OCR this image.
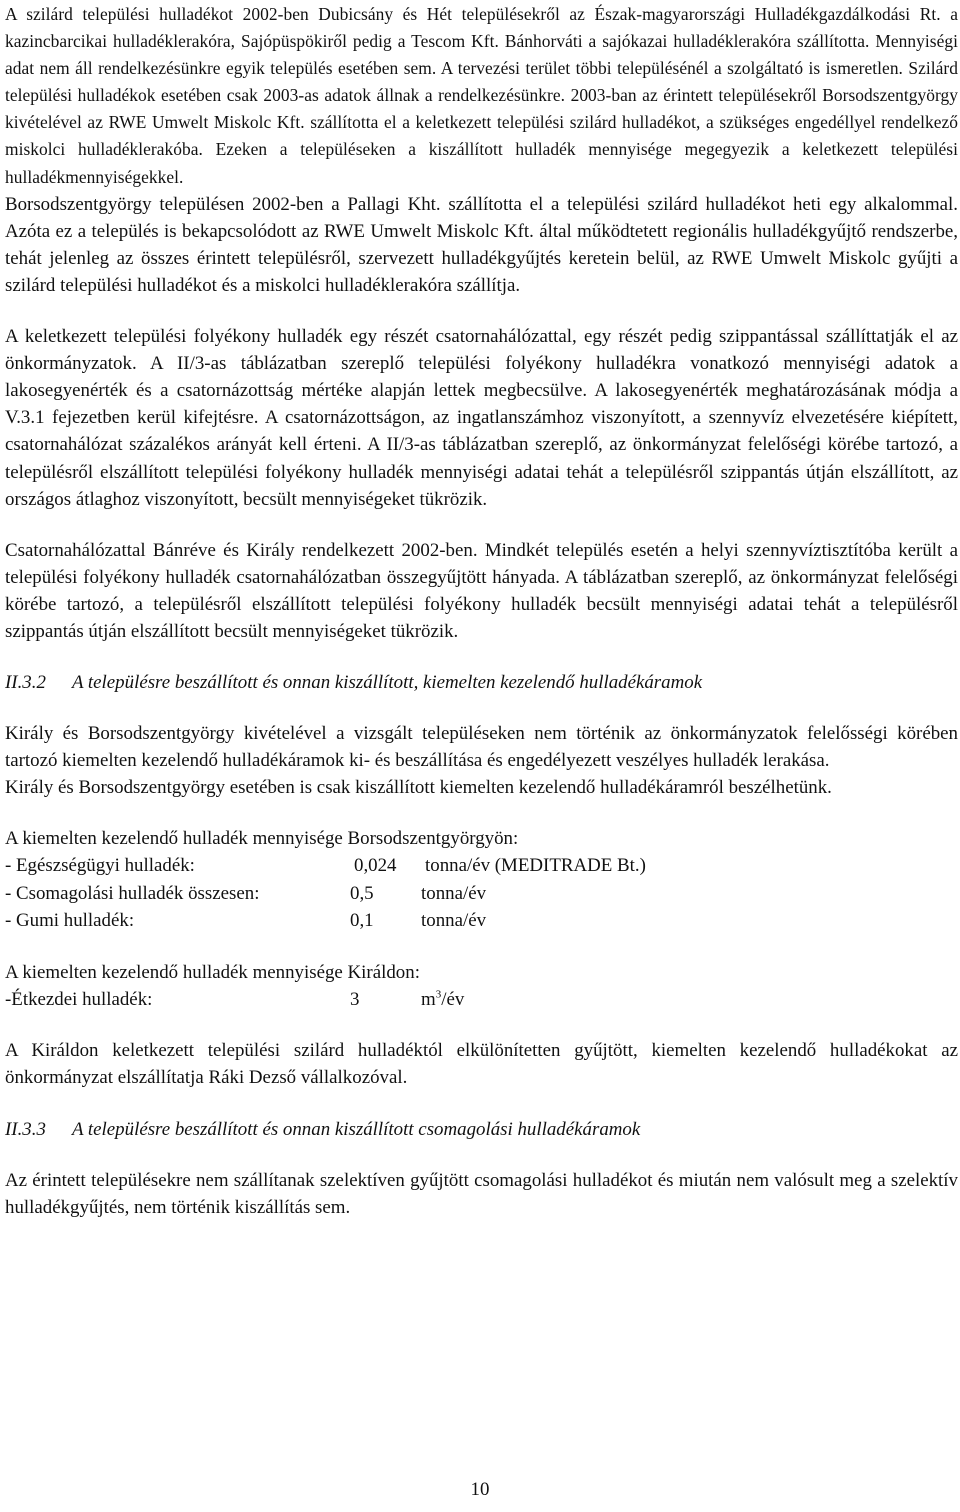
A szilárd települési hulladékot 2002-ben Dubicsány és Hét településekről az Észak-magyarországi Hulladékgazdálkodási Rt. a kazincbarcikai hulladéklerakóra, Sajópüspökiről pedig a Tescom Kft. Bánhorváti a sajókazai hulladéklerakóra szállította. Mennyiségi adat nem áll rendelkezésünkre egyik település esetében sem. A tervezési terület többi településénél a szolgáltató is ismeretlen. Szilárd települési hulladékok esetében csak 2003-as adatok állnak a rendelkezésünkre. 2003-ban az érintett településekről Borsodszentgyörgy kivételével az RWE Umwelt Miskolc Kft. szállította el a keletkezett települési szilárd hulladékot, a szükséges engedéllyel rendelkező miskolci hulladéklerakóba. Ezeken a településeken a kiszállított hulladék mennyisége megegyezik a keletkezett települési hulladékmennyiségekkel.

Borsodszentgyörgy településen 2002-ben a Pallagi Kht. szállította el a települési szilárd hulladékot heti egy alkalommal. Azóta ez a település is bekapcsolódott az RWE Umwelt Miskolc Kft. által működtetett regionális hulladékgyűjtő rendszerbe, tehát jelenleg az összes érintett településről, szervezett hulladékgyűjtés keretein belül, az RWE Umwelt Miskolc gyűjti a szilárd települési hulladékot és a miskolci hulladéklerakóra szállítja.

A keletkezett települési folyékony hulladék egy részét csatornahálózattal, egy részét pedig szippantással szállíttatják el az önkormányzatok. A II/3-as táblázatban szereplő települési folyékony hulladékra vonatkozó mennyiségi adatok a lakosegyenérték és a csatornázottság mértéke alapján lettek megbecsülve. A lakosegyenérték meghatározásának módja a V.3.1 fejezetben kerül kifejtésre. A csatornázottságon, az ingatlanszámhoz viszonyított, a szennyvíz elvezetésére kiépített, csatornahálózat százalékos arányát kell érteni. A II/3-as táblázatban szereplő, az önkormányzat felelőségi körébe tartozó, a településről elszállított települési folyékony hulladék mennyiségi adatai tehát a településről szippantás útján elszállított, az országos átlaghoz viszonyított, becsült mennyiségeket tükrözik.

Csatornahálózattal Bánréve és Király rendelkezett 2002-ben. Mindkét település esetén a helyi szennyvíztisztítóba került a települési folyékony hulladék csatornahálózatban összegyűjtött hányada. A táblázatban szereplő, az önkormányzat felelőségi körébe tartozó, a településről elszállított települési folyékony hulladék becsült mennyiségi adatai tehát a településről szippantás útján elszállított becsült mennyiségeket tükrözik.

II.3.2 A településre beszállított és onnan kiszállított, kiemelten kezelendő hulladékáramok

Király és Borsodszentgyörgy kivételével a vizsgált településeken nem történik az önkormányzatok felelősségi körében tartozó kiemelten kezelendő hulladékáramok ki- és beszállítása és engedélyezett veszélyes hulladék lerakása.

Király és Borsodszentgyörgy esetében is csak kiszállított kiemelten kezelendő hulladékáramról beszélhetünk.

A kiemelten kezelendő hulladék mennyisége Borsodszentgyörgyön:

- Egészségügyi hulladék:	0,024	tonna/év (MEDITRADE Bt.)
- Csomagolási hulladék összesen:	0,5	tonna/év
- Gumi hulladék:	0,1	tonna/év

A kiemelten kezelendő hulladék mennyisége Királdon:

-Étkezdei hulladék:	3	$m^3/év$

A Királdon keletkezett települési szilárd hulladéktól elkülönítetten gyűjtött, kiemelten kezelendő hulladékokat az önkormányzat elszállítatja Ráki Dezső vállalkozóval.

II.3.3 A településre beszállított és onnan kiszállított csomagolási hulladékáramok

Az érintett településekre nem szállítanak szelektíven gyűjtött csomagolási hulladékot és miután nem valósult meg a szelektív hulladékgyűjtés, nem történik kiszállítás sem.

10
